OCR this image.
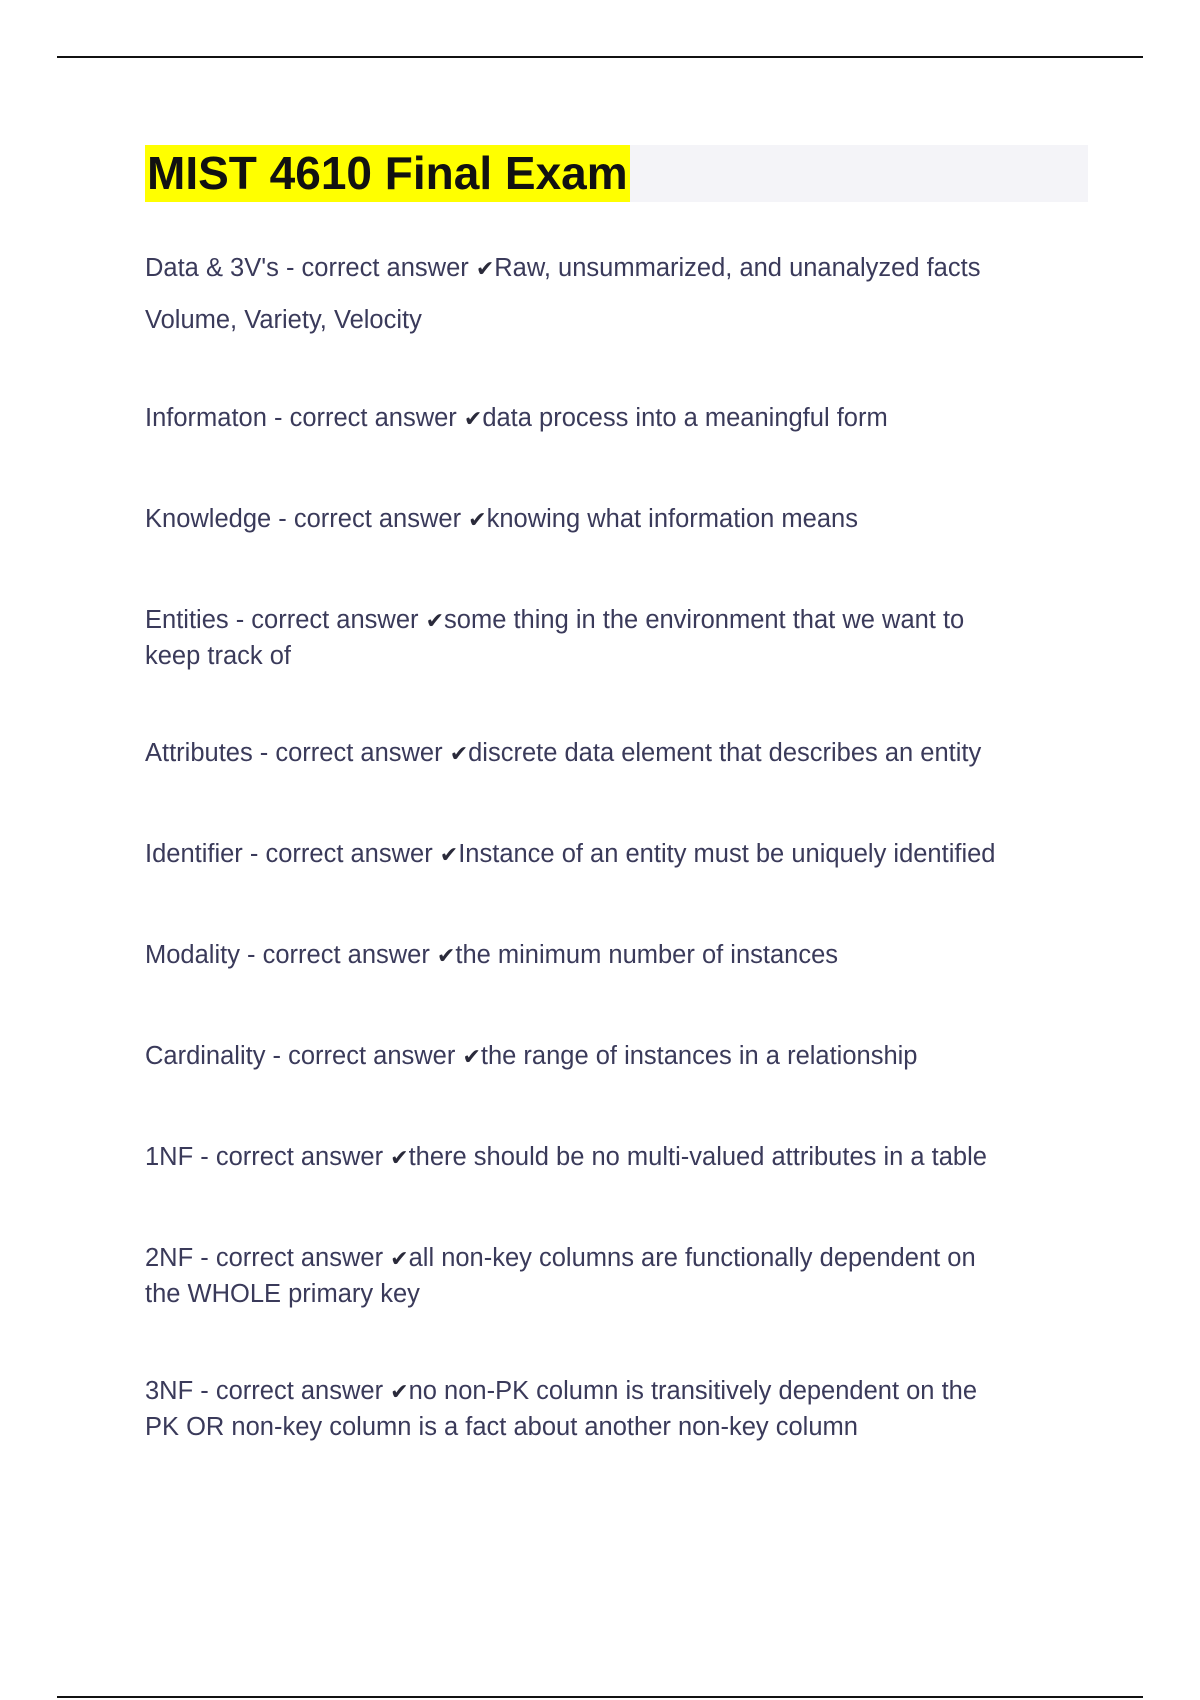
MIST 4610 Final Exam
Data & 3V's - correct answer ✔Raw, unsummarized, and unanalyzed facts
Volume, Variety, Velocity
Informaton - correct answer ✔data process into a meaningful form
Knowledge - correct answer ✔knowing what information means
Entities - correct answer ✔some thing in the environment that we want to
keep track of
Attributes - correct answer ✔discrete data element that describes an entity
Identifier - correct answer ✔Instance of an entity must be uniquely identified
Modality - correct answer ✔the minimum number of instances
Cardinality - correct answer ✔the range of instances in a relationship
1NF - correct answer ✔there should be no multi-valued attributes in a table
2NF - correct answer ✔all non-key columns are functionally dependent on
the WHOLE primary key
3NF - correct answer ✔no non-PK column is transitively dependent on the
PK OR non-key column is a fact about another non-key column
